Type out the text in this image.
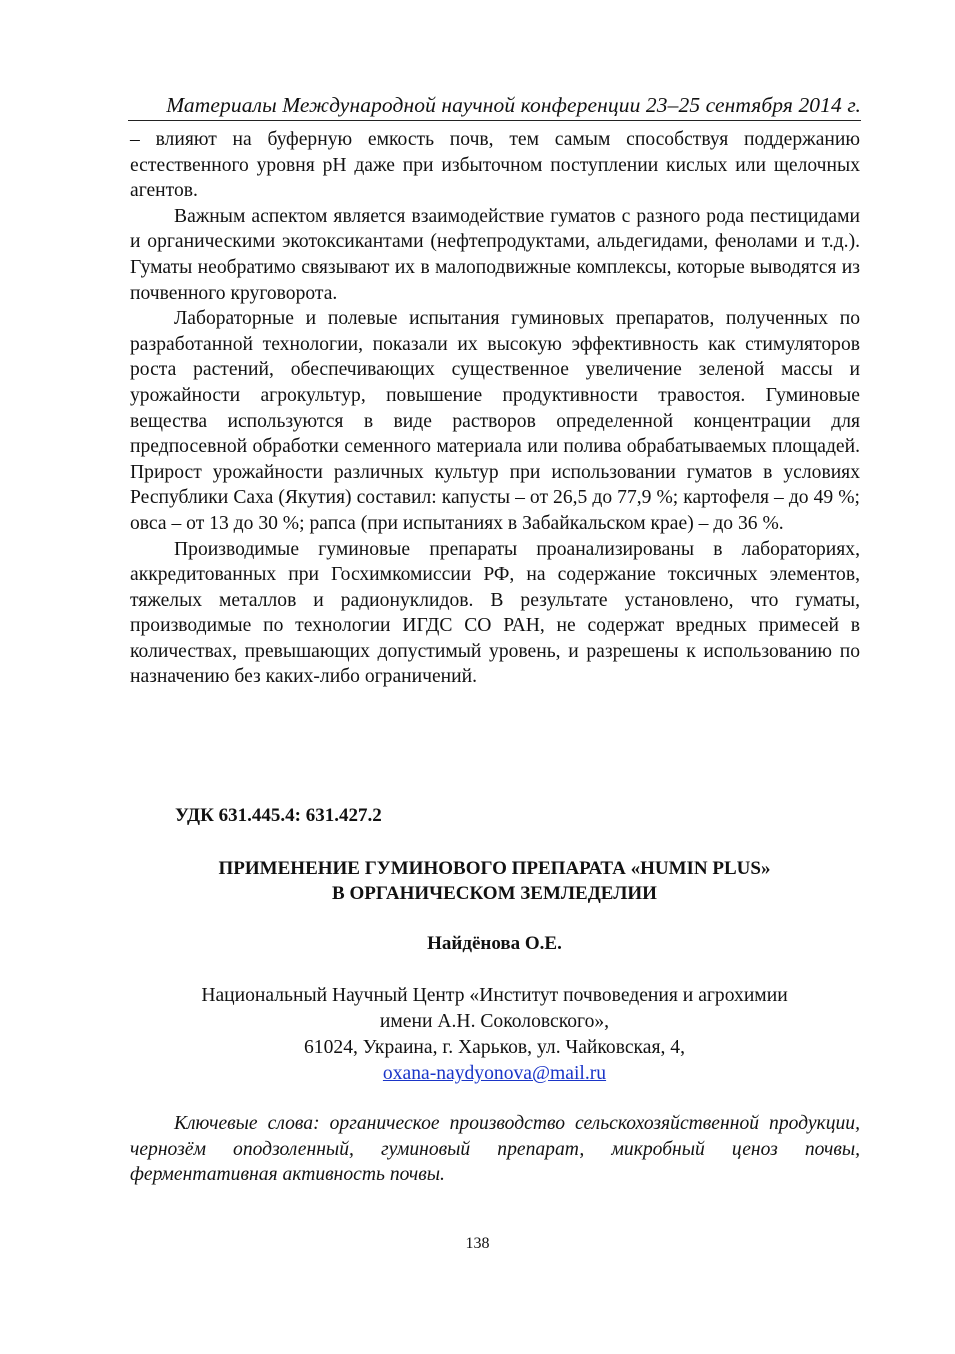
Материалы Международной научной конференции 23–25 сентября 2014 г.

– влияют на буферную емкость почв, тем самым способствуя поддержанию естественного уровня pH даже при избыточном поступлении кислых или щелочных агентов.

Важным аспектом является взаимодействие гуматов с разного рода пестицидами и органическими экотоксикантами (нефтепродуктами, альдегидами, фенолами и т.д.). Гуматы необратимо связывают их в малоподвижные комплексы, которые выводятся из почвенного круговорота.

Лабораторные и полевые испытания гуминовых препаратов, полученных по разработанной технологии, показали их высокую эффективность как стимуляторов роста растений, обеспечивающих существенное увеличение зеленой массы и урожайности агрокультур, повышение продуктивности травостоя. Гуминовые вещества используются в виде растворов определенной концентрации для предпосевной обработки семенного материала или полива обрабатываемых площадей. Прирост урожайности различных культур при использовании гуматов в условиях Республики Саха (Якутия) составил: капусты – от 26,5 до 77,9 %; картофеля – до 49 %; овса – от 13 до 30 %; рапса (при испытаниях в Забайкальском крае) – до 36 %.

Производимые гуминовые препараты проанализированы в лабораториях, аккредитованных при Госхимкомиссии РФ, на содержание токсичных элементов, тяжелых металлов и радионуклидов. В результате установлено, что гуматы, производимые по технологии ИГДС СО РАН, не содержат вредных примесей в количествах, превышающих допустимый уровень, и разрешены к использованию по назначению без каких-либо ограничений.

УДК 631.445.4: 631.427.2
ПРИМЕНЕНИЕ ГУМИНОВОГО ПРЕПАРАТА «HUMIN PLUS»
В ОРГАНИЧЕСКОМ ЗЕМЛЕДЕЛИИ
Найдёнова О.Е.
Национальный Научный Центр «Институт почвоведения и агрохимии
имени А.Н. Соколовского»,
61024, Украина, г. Харьков, ул. Чайковская, 4,
oxana-naydyonova@mail.ru
Ключевые слова: органическое производство сельскохозяйственной продукции, чернозём оподзоленный, гуминовый препарат, микробный ценоз почвы, ферментативная активность почвы.
138
